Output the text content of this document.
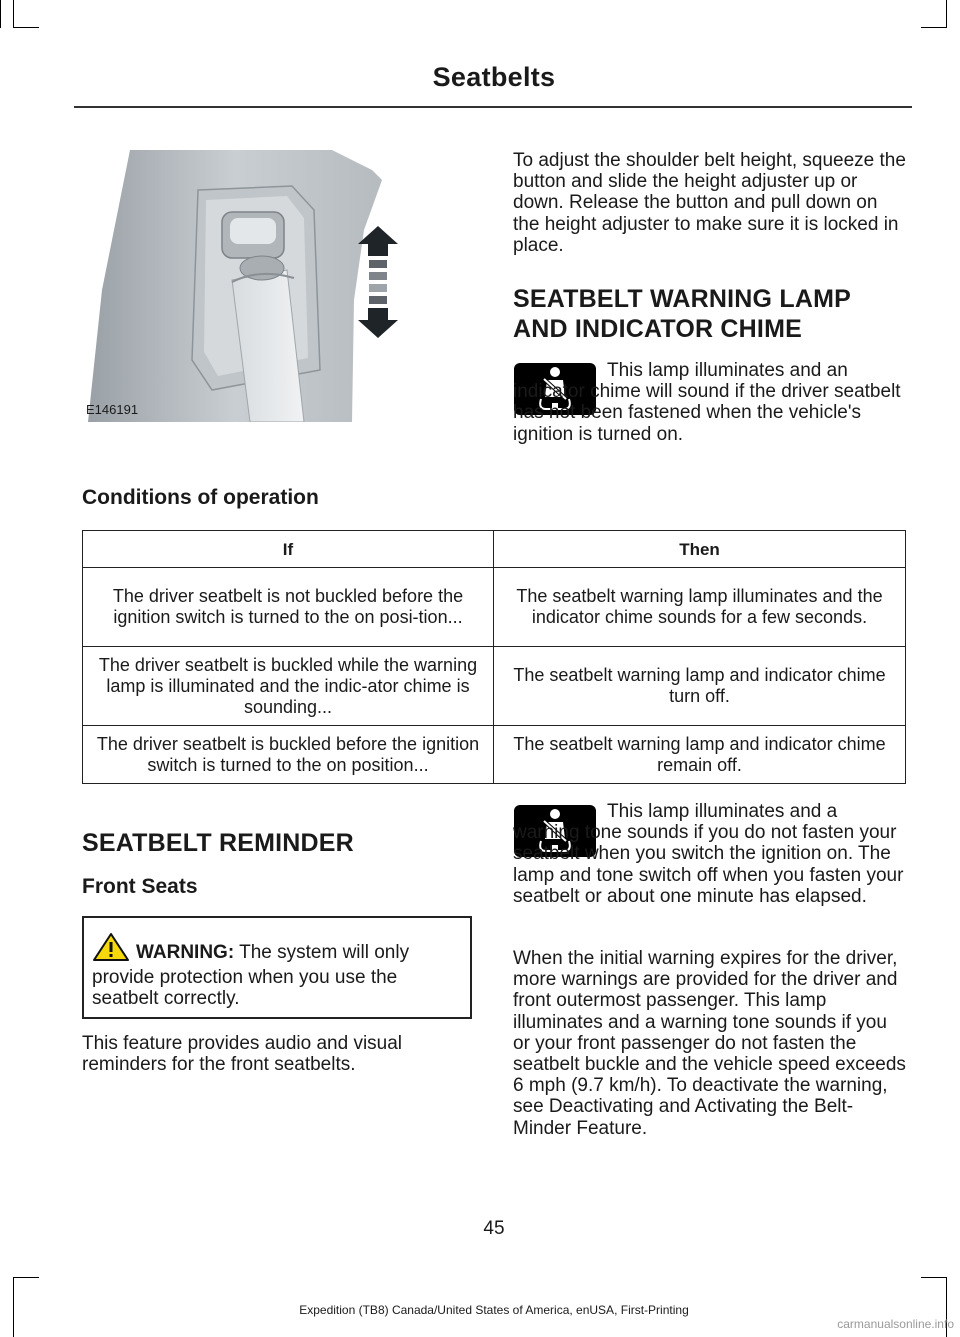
Seatbelts
E146191
To adjust the shoulder belt height, squeeze the button and slide the height adjuster up or down. Release the button and pull down on the height adjuster to make sure it is locked in place.
SEATBELT WARNING LAMP
AND INDICATOR CHIME
This lamp illuminates and an indicator chime will sound if the driver seatbelt has not been fastened when the vehicle's ignition is turned on.
Conditions of operation
If	Then
The driver seatbelt is not buckled before the ignition switch is turned to the on posi-tion...	The seatbelt warning lamp illuminates and the indicator chime sounds for a few seconds.
The driver seatbelt is buckled while the warning lamp is illuminated and the indic-ator chime is sounding...	The seatbelt warning lamp and indicator chime turn off.
The driver seatbelt is buckled before the ignition switch is turned to the on position...	The seatbelt warning lamp and indicator chime remain off.
SEATBELT REMINDER
Front Seats
WARNING: The system will only provide protection when you use the seatbelt correctly.
This feature provides audio and visual reminders for the front seatbelts.
This lamp illuminates and a warning tone sounds if you do not fasten your seatbelt when you switch the ignition on. The lamp and tone switch off when you fasten your seatbelt or about one minute has elapsed.
When the initial warning expires for the driver, more warnings are provided for the driver and front outermost passenger. This lamp illuminates and a warning tone sounds if you or your front passenger do not fasten the seatbelt buckle and the vehicle speed exceeds 6 mph (9.7 km/h). To deactivate the warning, see Deactivating and Activating the Belt-Minder Feature.
45
Expedition (TB8) Canada/United States of America, enUSA, First-Printing
carmanualsonline.info
